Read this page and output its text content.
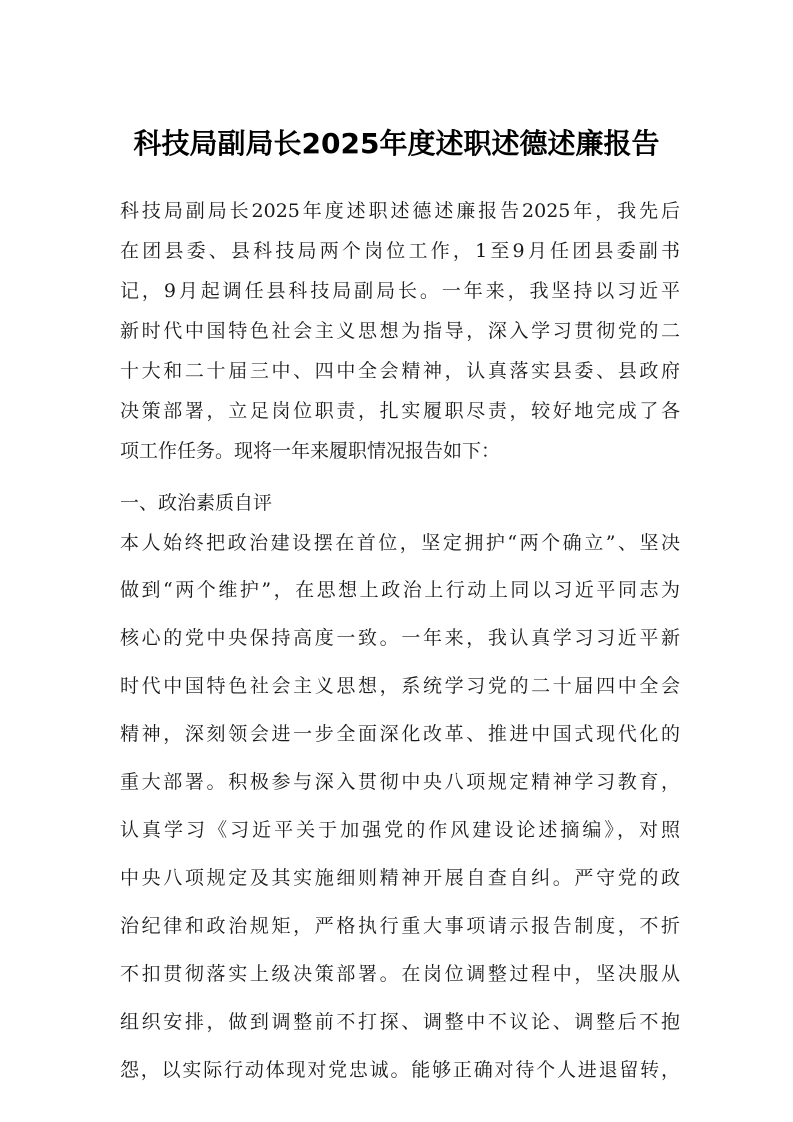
科技局副局长2025年度述职述德述廉报告
科技局副局长2025年度述职述德述廉报告2025年，我先后
在团县委、县科技局两个岗位工作，1至9月任团县委副书
记，9月起调任县科技局副局长。一年来，我坚持以习近平
新时代中国特色社会主义思想为指导，深入学习贯彻党的二
十大和二十届三中、四中全会精神，认真落实县委、县政府
决策部署，立足岗位职责，扎实履职尽责，较好地完成了各
项工作任务。现将一年来履职情况报告如下：
一、政治素质自评
本人始终把政治建设摆在首位，坚定拥护“两个确立”、坚决
做到“两个维护”，在思想上政治上行动上同以习近平同志为
核心的党中央保持高度一致。一年来，我认真学习习近平新
时代中国特色社会主义思想，系统学习党的二十届四中全会
精神，深刻领会进一步全面深化改革、推进中国式现代化的
重大部署。积极参与深入贯彻中央八项规定精神学习教育，
认真学习《习近平关于加强党的作风建设论述摘编》，对照
中央八项规定及其实施细则精神开展自查自纠。严守党的政
治纪律和政治规矩，严格执行重大事项请示报告制度，不折
不扣贯彻落实上级决策部署。在岗位调整过程中，坚决服从
组织安排，做到调整前不打探、调整中不议论、调整后不抱
怨，以实际行动体现对党忠诚。能够正确对待个人进退留转，
